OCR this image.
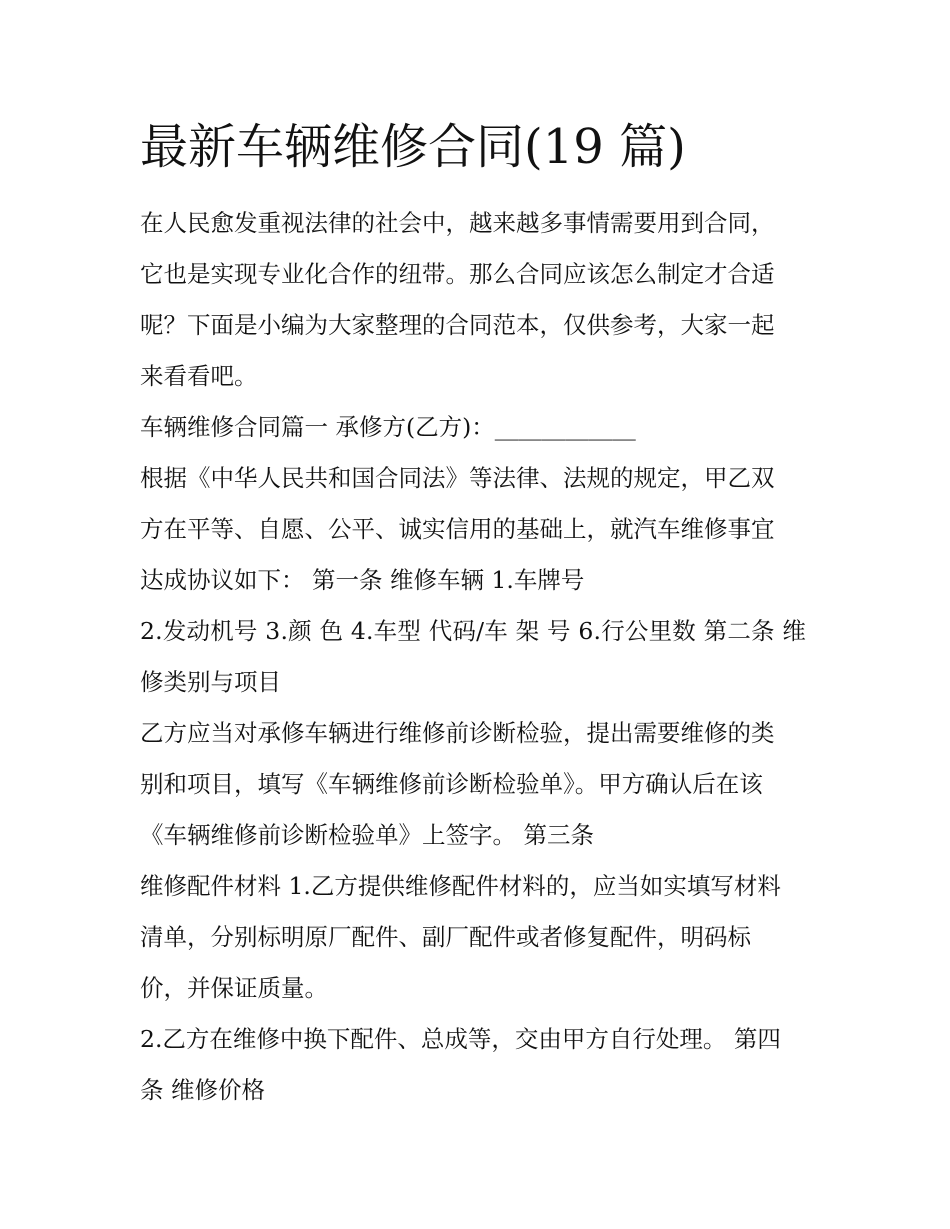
最新车辆维修合同(19 篇)

在人民愈发重视法律的社会中，越来越多事情需要用到合同，

它也是实现专业化合作的纽带。那么合同应该怎么制定才合适

呢？下面是小编为大家整理的合同范本，仅供参考，大家一起

来看看吧。

车辆维修合同篇一 承修方(乙方)：____________

根据《中华人民共和国合同法》等法律、法规的规定，甲乙双

方在平等、自愿、公平、诚实信用的基础上，就汽车维修事宜

达成协议如下： 第一条 维修车辆 1.车牌号

2.发动机号 3.颜 色 4.车型 代码/车 架 号 6.行公里数 第二条 维

修类别与项目

乙方应当对承修车辆进行维修前诊断检验，提出需要维修的类

别和项目，填写《车辆维修前诊断检验单》。甲方确认后在该

《车辆维修前诊断检验单》上签字。 第三条

维修配件材料 1.乙方提供维修配件材料的，应当如实填写材料

清单，分别标明原厂配件、副厂配件或者修复配件，明码标

价，并保证质量。

2.乙方在维修中换下配件、总成等，交由甲方自行处理。 第四

条 维修价格
